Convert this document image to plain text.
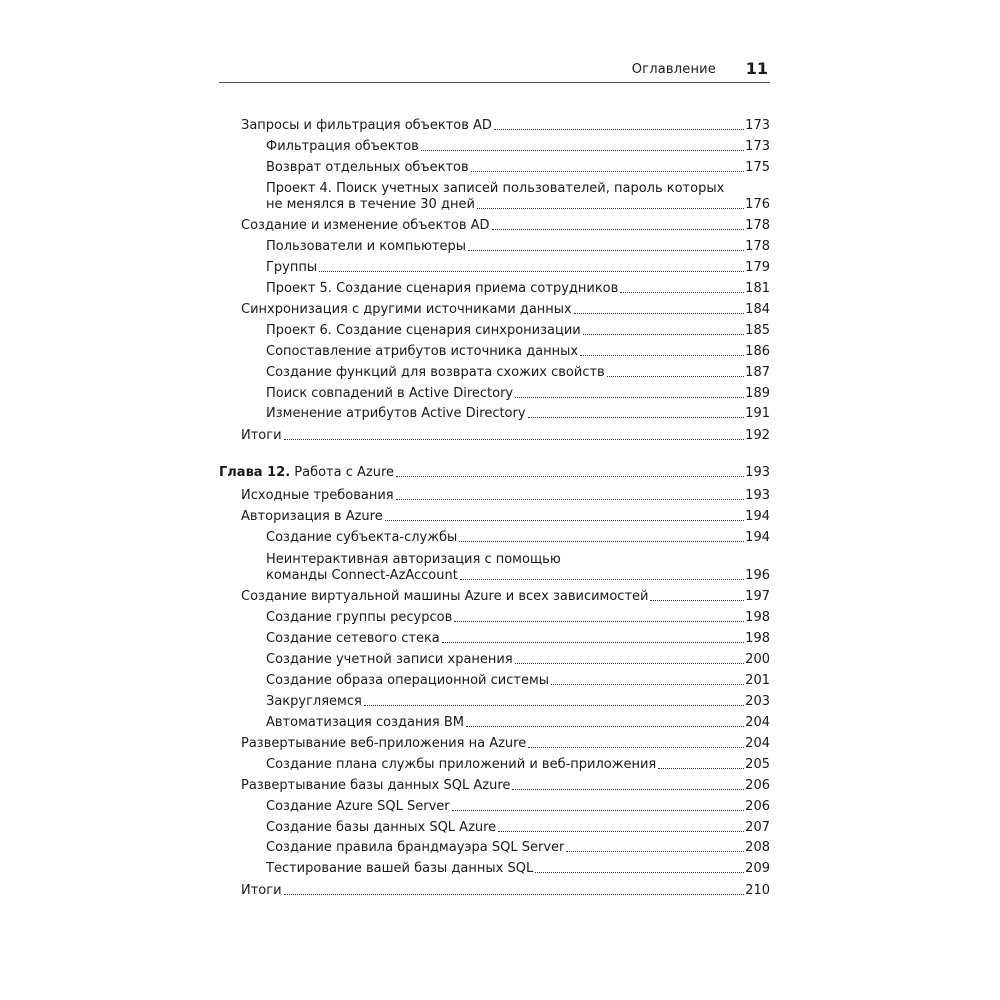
Оглавление 11
Запросы и фильтрация объектов AD	173
Фильтрация объектов	173
Возврат отдельных объектов	175
Проект 4. Поиск учетных записей пользователей, пароль которых
не менялся в течение 30 дней	176
Создание и изменение объектов AD	178
Пользователи и компьютеры	178
Группы	179
Проект 5. Создание сценария приема сотрудников	181
Синхронизация с другими источниками данных	184
Проект 6. Создание сценария синхронизации	185
Сопоставление атрибутов источника данных	186
Создание функций для возврата схожих свойств	187
Поиск совпадений в Active Directory	189
Изменение атрибутов Active Directory	191
Итоги	192
Глава 12. Работа с Azure	193
Исходные требования	193
Авторизация в Azure	194
Создание субъекта-службы	194
Неинтерактивная авторизация с помощью
команды Connect-AzAccount	196
Создание виртуальной машины Azure и всех зависимостей	197
Создание группы ресурсов	198
Создание сетевого стека	198
Создание учетной записи хранения	200
Создание образа операционной системы	201
Закругляемся	203
Автоматизация создания ВМ	204
Развертывание веб-приложения на Azure	204
Создание плана службы приложений и веб-приложения	205
Развертывание базы данных SQL Azure	206
Создание Azure SQL Server	206
Создание базы данных SQL Azure	207
Создание правила брандмауэра SQL Server	208
Тестирование вашей базы данных SQL	209
Итоги	210
